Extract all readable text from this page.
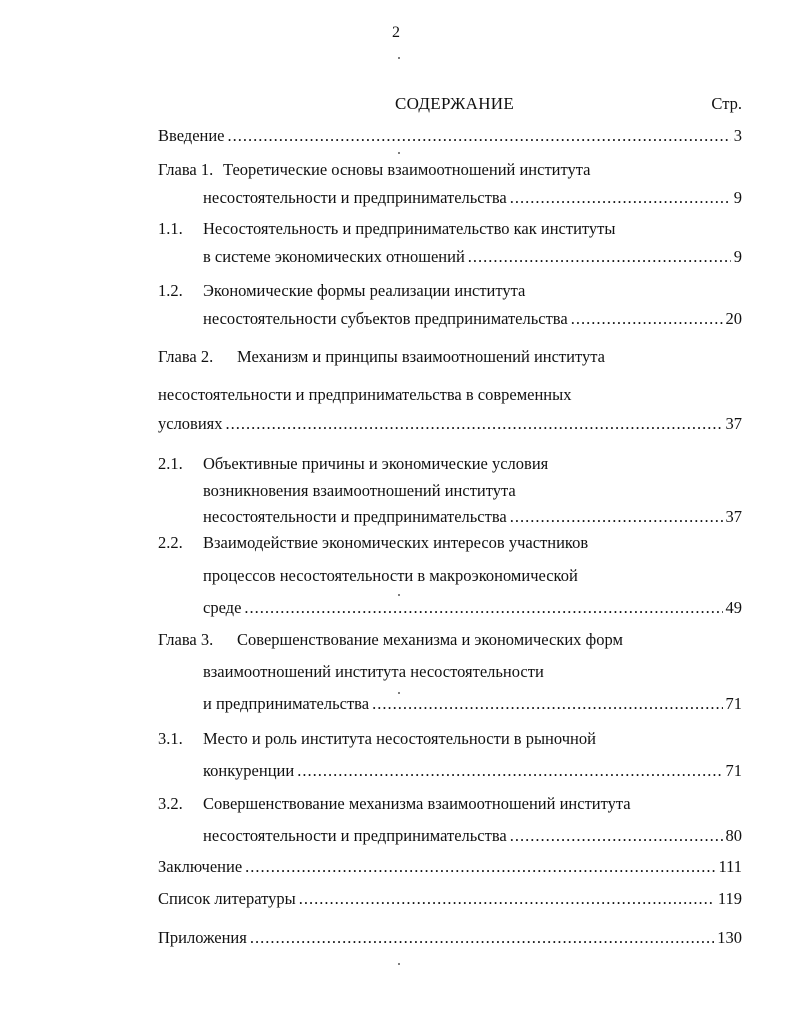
2
СОДЕРЖАНИЕ	Стр.
Введение .....	3
Глава 1. Теоретические основы взаимоотношений института
несостоятельности и предпринимательства .....	9
1.1. Несостоятельность и предпринимательство как институты
в системе экономических отношений .....	9
1.2. Экономические формы реализации института
несостоятельности субъектов предпринимательства .....	20
Глава 2. Механизм и принципы взаимоотношений института
несостоятельности и предпринимательства в современных
условиях .....	37
2.1. Объективные причины и экономические условия
возникновения взаимоотношений института
несостоятельности и предпринимательства .....	37
2.2. Взаимодействие экономических интересов участников
процессов несостоятельности в макроэкономической
среде .....	49
Глава 3. Совершенствование механизма и экономических форм
взаимоотношений института несостоятельности
и предпринимательства .....	71
3.1. Место и роль института несостоятельности в рыночной
конкуренции .....	71
3.2. Совершенствование механизма взаимоотношений института
несостоятельности и предпринимательства .....	80
Заключение .....	111
Список литературы .....	119
Приложения .....	130
